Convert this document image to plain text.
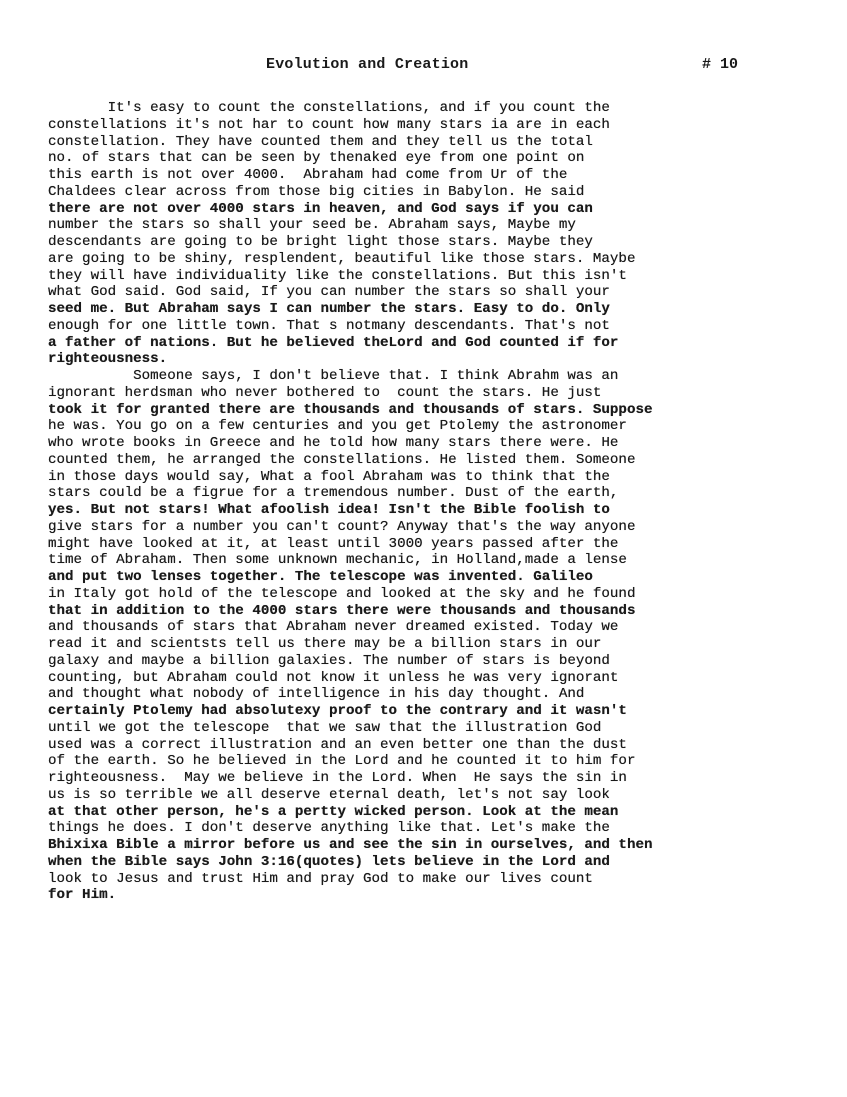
Evolution and Creation	# 10
It's easy to count the constellations, and if you count the
constellations it's not har to count how many stars ia are in each
constellation. They have counted them and they tell us the total
no. of stars that can be seen by thenaked eye from one point on
this earth is not over 4000.  Abraham had come from Ur of the
Chaldees clear across from those big cities in Babylon. He said
there are not over 4000 stars in heaven, and God says if you can
number the stars so shall your seed be. Abraham says, Maybe my
descendants are going to be bright light those stars. Maybe they
are going to be shiny, resplendent, beautiful like those stars. Maybe
they will have individuality like the constellations. But this isn't
what God said. God said, If you can number the stars so shall your
seed me. But Abraham says I can number the stars. Easy to do. Only
enough for one little town. That s notmany descendants. That's not
a father of nations. But he believed theLord and God counted if for
righteousness.
Someone says, I don't believe that. I think Abrahm was an
ignorant herdsman who never bothered to  count the stars. He just
took it for granted there are thousands and thousands of stars. Suppose
he was. You go on a few centuries and you get Ptolemy the astronomer
who wrote books in Greece and he told how many stars there were. He
counted them, he arranged the constellations. He listed them. Someone
in those days would say, What a fool Abraham was to think that the
stars could be a figrue for a tremendous number. Dust of the earth,
yes. But not stars! What afoolish idea! Isn't the Bible foolish to
give stars for a number you can't count? Anyway that's the way anyone
might have looked at it, at least until 3000 years passed after the
time of Abraham. Then some unknown mechanic, in Holland,made a lense
and put two lenses together. The telescope was invented. Galileo
in Italy got hold of the telescope and looked at the sky and he found
that in addition to the 4000 stars there were thousands and thousands
and thousands of stars that Abraham never dreamed existed. Today we
read it and scientsts tell us there may be a billion stars in our
galaxy and maybe a billion galaxies. The number of stars is beyond
counting, but Abraham could not know it unless he was very ignorant
and thought what nobody of intelligence in his day thought. And
certainly Ptolemy had absolutexy proof to the contrary and it wasn't
until we got the telescope  that we saw that the illustration God
used was a correct illustration and an even better one than the dust
of the earth. So he believed in the Lord and he counted it to him for
righteousness.  May we believe in the Lord. When  He says the sin in
us is so terrible we all deserve eternal death, let's not say look
at that other person, he's a pertty wicked person. Look at the mean
things he does. I don't deserve anything like that. Let's make the
Bhixixa Bible a mirror before us and see the sin in ourselves, and then
when the Bible says John 3:16(quotes) lets believe in the Lord and
look to Jesus and trust Him and pray God to make our lives count
for Him.
